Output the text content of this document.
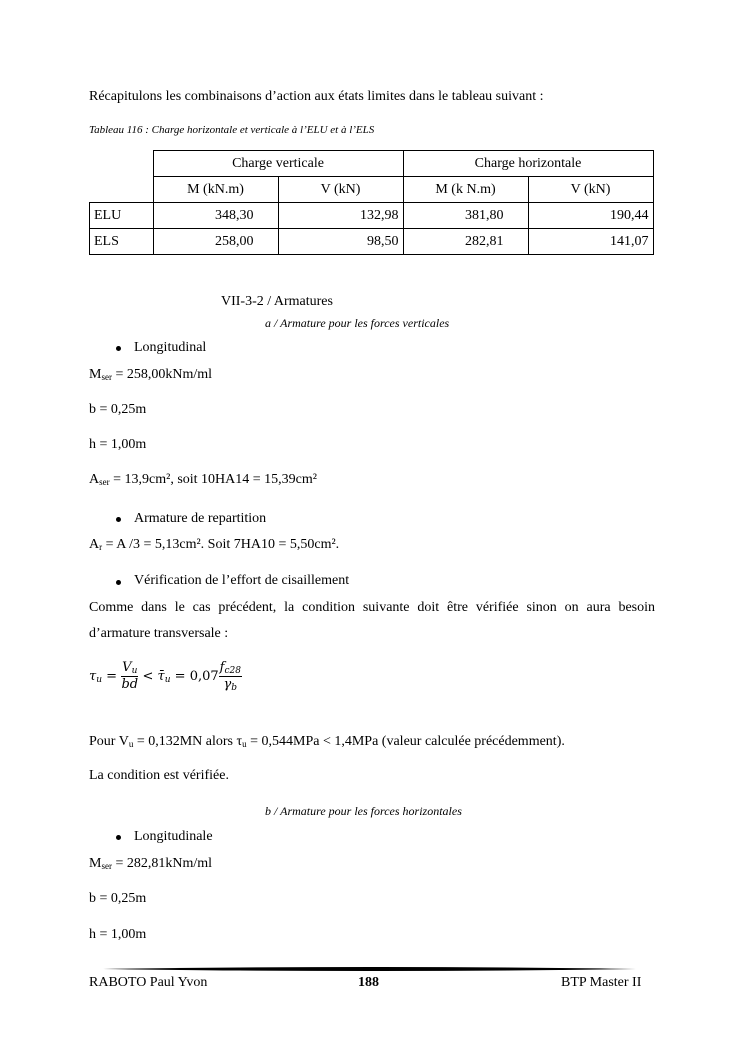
Récapitulons les combinaisons d’action aux états limites dans le tableau suivant :
Tableau 116 : Charge horizontale et verticale à l’ELU et à l’ELS
	Charge verticale		Charge horizontale	
	M (kN.m)	V (kN)	M (k N.m)	V (kN)
ELU	348,30	132,98	381,80	190,44
ELS	258,00	98,50	282,81	141,07
VII-3-2 / Armatures
a / Armature pour les forces verticales
Longitudinal
$M_{ser} = 258,00kNm/ml$
b = 0,25m
h = 1,00m
$A_{ser} = 13,9cm^2$, soit 10HA14 = 15,39cm²
Armature de repartition
$A_r = A$ /3 = 5,13cm². Soit 7HA10 = 5,50cm².
Vérification de l’effort de cisaillement
Comme dans le cas précédent, la condition suivante doit être vérifiée sinon on aura besoin
d’armature transversale :
$\tau_u = \frac{V_u}{bd}$ < $\taū_u = 0,07 \frac{f_{c28}}{\gamma_b}$
Pour $V_u = 0,132MN$ alors $\tau_u = 0,544MPa < 1,4MPa$ (valeur calculée précédemment).
La condition est vérifiée.
b / Armature pour les forces horizontales
Longitudinale
$M_{ser} = 282,81kNm/ml$
b = 0,25m
h = 1,00m
RABOTO Paul Yvon	188	BTP Master II
